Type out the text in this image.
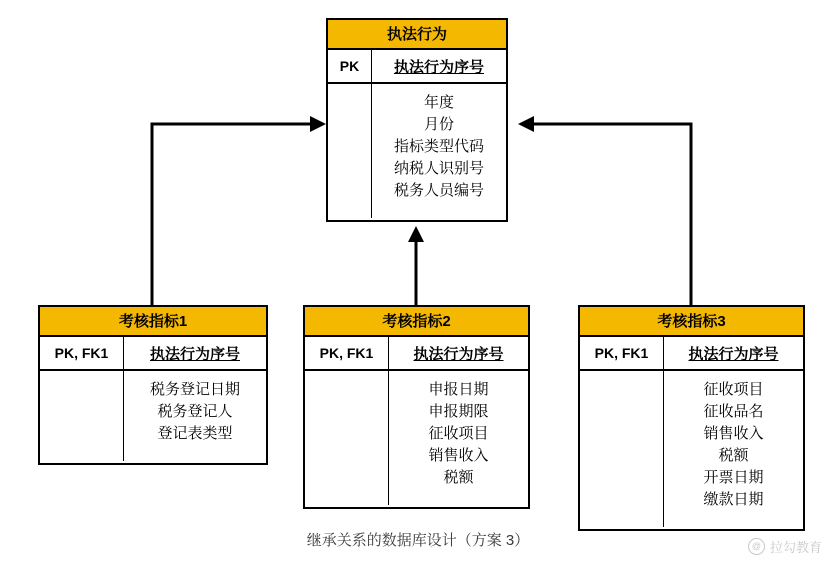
执法行为
PK	执法行为序号
年度
月份
指标类型代码
纳税人识别号
税务人员编号
考核指标1
PK, FK1	执法行为序号
税务登记日期
税务登记人
登记表类型
考核指标2
PK, FK1	执法行为序号
申报日期
申报期限
征收项目
销售收入
税额
考核指标3
PK, FK1	执法行为序号
征收项目
征收品名
销售收入
税额
开票日期
缴款日期
继承关系的数据库设计（方案 3）	@ 拉勾教育
